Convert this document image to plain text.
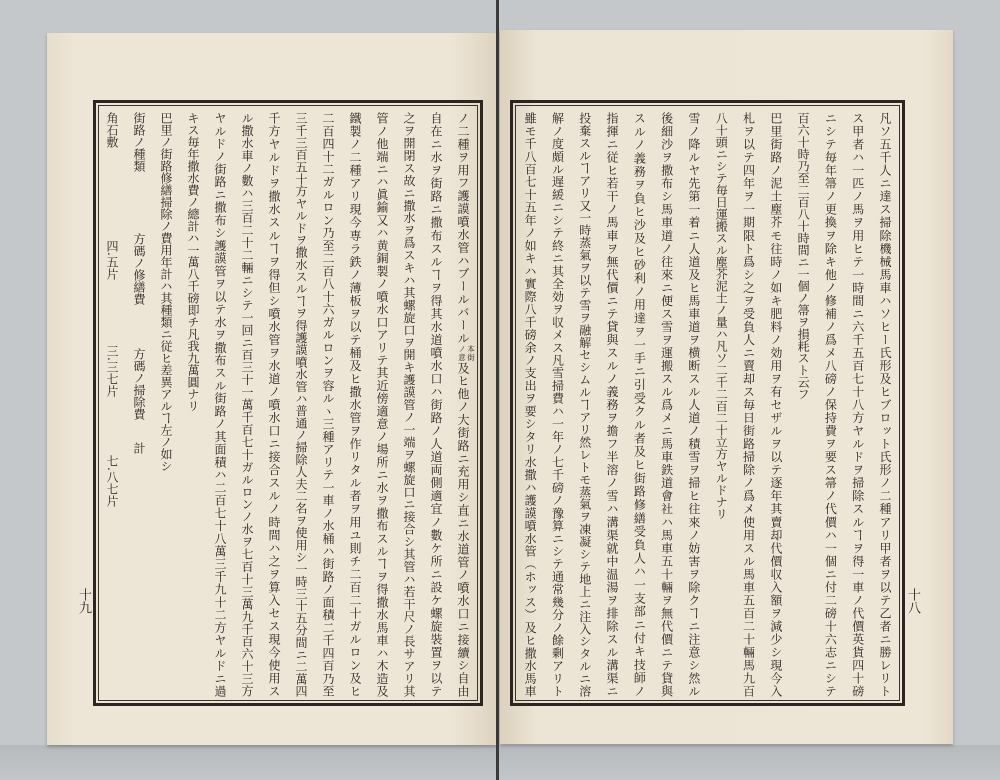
ノ二種ヲ用フ護謨噴水管ハブールバール本街ノ意及ヒ他ノ大街路ニ充用シ直ニ水道管ノ噴水口ニ接續シ自由
自在ニ水ヲ街路ニ撒布スルヿヲ得其水道噴水口ハ街路ノ人道両側適宜ノ數ケ所ニ設ケ螺旋裝置ヲ以テ
之ヲ開閉ス故ニ撒水ヲ爲スキハ其螺旋口ヲ開キ護謨管ノ一端ヲ螺旋口ニ接合シ其管ハ若干尺ノ長サアリ其
管ノ他端ニハ眞鍮又ハ黄銅製ノ噴水口アリテ其近傍適意ノ場所ニ水ヲ撒布スルヿヲ得撒水馬車ハ木造及
鐵製ノ二種アリ現今専ラ鉄ノ薄板ヲ以テ桶及ヒ撒水管ヲ作リタル者ヲ用ユ則チ二百二十ガルロン及ヒ
二百四十二ガルロン乃至二百八十六ガルロンヲ容ルヽ三種アリテ一車ノ水桶ハ街路ノ面積二千四百乃至
三千三百五十方ヤルドヲ撒水スルヿヲ得護謨噴水管ハ普通ノ掃除人夫二名ヲ使用シ一時三十五分間ニ二萬四
千方ヤルドヲ撒水スルヿヲ得但シ噴水管ヲ水道ノ噴水口ニ接合スルノ時間ハ之ヲ算入セス現今使用ス
ル撒水車ノ數ハ三百二十二輛ニシテ一回ニ百三十一萬千百七十ガルロンノ水ヲ七百十三萬九千百六十三方
ヤルドノ街路ニ撒布シ護謨管ヲ以テ水ヲ撒布スル街路ノ其面積ハ二百七十八萬三千九十二方ヤルドニ過
キス毎年撒水費ノ總計ハ一萬八千磅即チ凡我九萬圓ナリ
巴里ノ街路修繕掃除ノ費用年計ハ其種類ニ従ヒ差異アルヿ左ノ如シ
街路ノ種類
方碼ノ修繕費
方碼ノ掃除費
計
角石敷
四.五片
三.三七片
七.八七片
十九	凡ソ五千人ニ達ス掃除機械馬車ハソヒー氏形及ヒブロット氏形ノ二種アリ甲者ヲ以テ乙者ニ勝レリト
ス甲者ハ一匹ノ馬ヲ用ヒテ一時間ニ六千五百七十八方ヤルドヲ掃除スルヿヲ得一車ノ代價英貨四十磅
ニシテ毎年箒ノ更換ヲ除キ他ノ修補ノ爲メ八磅ノ保持費ヲ要ス箒ノ代價ハ一個ニ付二磅十六志ニシテ
百六十時乃至二百八十時間ニ一個ノ箒ヲ損耗スト云フ
巴里街路ノ泥土塵芥モ往時ノ如キ肥料ノ効用ヲ有セザルヲ以テ逐年其賣却代價収入額ヲ減少シ現今入
札ヲ以テ四年ヲ一期限ト爲シ之ヲ受負人ニ賣却ス毎日街路掃除ノ爲メ使用スル馬車五百二十輛馬九百
八十頭ニシテ毎日運搬スル塵芥泥土ノ量ハ凡ソ二千二百二十立方ヤルドナリ
雪ノ降ルヤ先第一着ニ人道及ヒ馬車道ヲ横断スル人道ノ積雪ヲ掃ヒ往來ノ妨害ヲ除クヿニ注意シ然ル
後細沙ヲ撒布シ馬車道ノ往來ニ便ス雪ヲ運搬スル爲メニ馬車鉄道會社ハ馬車五十輛ヲ無代價ニテ貸與
スルノ義務ヲ負ヒ沙及ヒ砂利ノ用達ヲ一手ニ引受クル者及ヒ街路修繕受負人ハ一支部ニ付キ技師ノ
指揮ニ従ヒ若干ノ馬車ヲ無代價ニテ貸與スルノ義務ヲ擔フ半溶ノ雪ハ溝渠就中温湯ヲ排除スル溝渠ニ
投棄スルヿアリ又一時蒸氣ヲ以テ雪ヲ融解セシムルヿアリ然レトモ蒸氣ヲ凍凝シテ地上ニ注入シタルニ溶
解ノ度頗ル遅緩ニシテ終ニ其全効ヲ収メス凡雪掃費ハ一年ノ七千磅ノ豫算ニシテ通常幾分ノ餘剰アリト
雖モ千八百七十五年ノ如キハ實際八千磅余ノ支出ヲ要シタリ水撒ハ護謨噴水管（ホッス）及ヒ撒水馬車	十八
